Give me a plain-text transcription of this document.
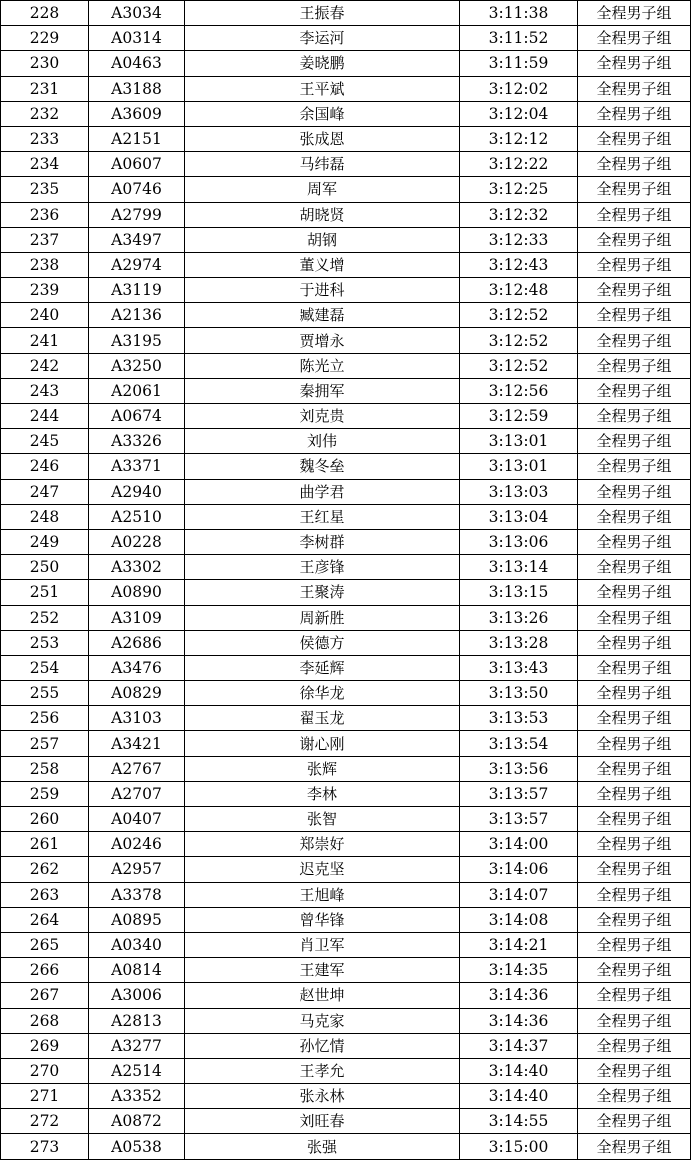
228	A3034	王振春	3:11:38	全程男子组
229	A0314	李运河	3:11:52	全程男子组
230	A0463	姜晓鹏	3:11:59	全程男子组
231	A3188	王平斌	3:12:02	全程男子组
232	A3609	余国峰	3:12:04	全程男子组
233	A2151	张成恩	3:12:12	全程男子组
234	A0607	马纬磊	3:12:22	全程男子组
235	A0746	周军	3:12:25	全程男子组
236	A2799	胡晓贤	3:12:32	全程男子组
237	A3497	胡钢	3:12:33	全程男子组
238	A2974	董义增	3:12:43	全程男子组
239	A3119	于进科	3:12:48	全程男子组
240	A2136	臧建磊	3:12:52	全程男子组
241	A3195	贾增永	3:12:52	全程男子组
242	A3250	陈光立	3:12:52	全程男子组
243	A2061	秦拥军	3:12:56	全程男子组
244	A0674	刘克贵	3:12:59	全程男子组
245	A3326	刘伟	3:13:01	全程男子组
246	A3371	魏冬垒	3:13:01	全程男子组
247	A2940	曲学君	3:13:03	全程男子组
248	A2510	王红星	3:13:04	全程男子组
249	A0228	李树群	3:13:06	全程男子组
250	A3302	王彦锋	3:13:14	全程男子组
251	A0890	王聚涛	3:13:15	全程男子组
252	A3109	周新胜	3:13:26	全程男子组
253	A2686	侯德方	3:13:28	全程男子组
254	A3476	李延辉	3:13:43	全程男子组
255	A0829	徐华龙	3:13:50	全程男子组
256	A3103	翟玉龙	3:13:53	全程男子组
257	A3421	谢心刚	3:13:54	全程男子组
258	A2767	张辉	3:13:56	全程男子组
259	A2707	李林	3:13:57	全程男子组
260	A0407	张智	3:13:57	全程男子组
261	A0246	郑崇好	3:14:00	全程男子组
262	A2957	迟克坚	3:14:06	全程男子组
263	A3378	王旭峰	3:14:07	全程男子组
264	A0895	曾华锋	3:14:08	全程男子组
265	A0340	肖卫军	3:14:21	全程男子组
266	A0814	王建军	3:14:35	全程男子组
267	A3006	赵世坤	3:14:36	全程男子组
268	A2813	马克家	3:14:36	全程男子组
269	A3277	孙忆情	3:14:37	全程男子组
270	A2514	王孝允	3:14:40	全程男子组
271	A3352	张永林	3:14:40	全程男子组
272	A0872	刘旺春	3:14:55	全程男子组
273	A0538	张强	3:15:00	全程男子组
